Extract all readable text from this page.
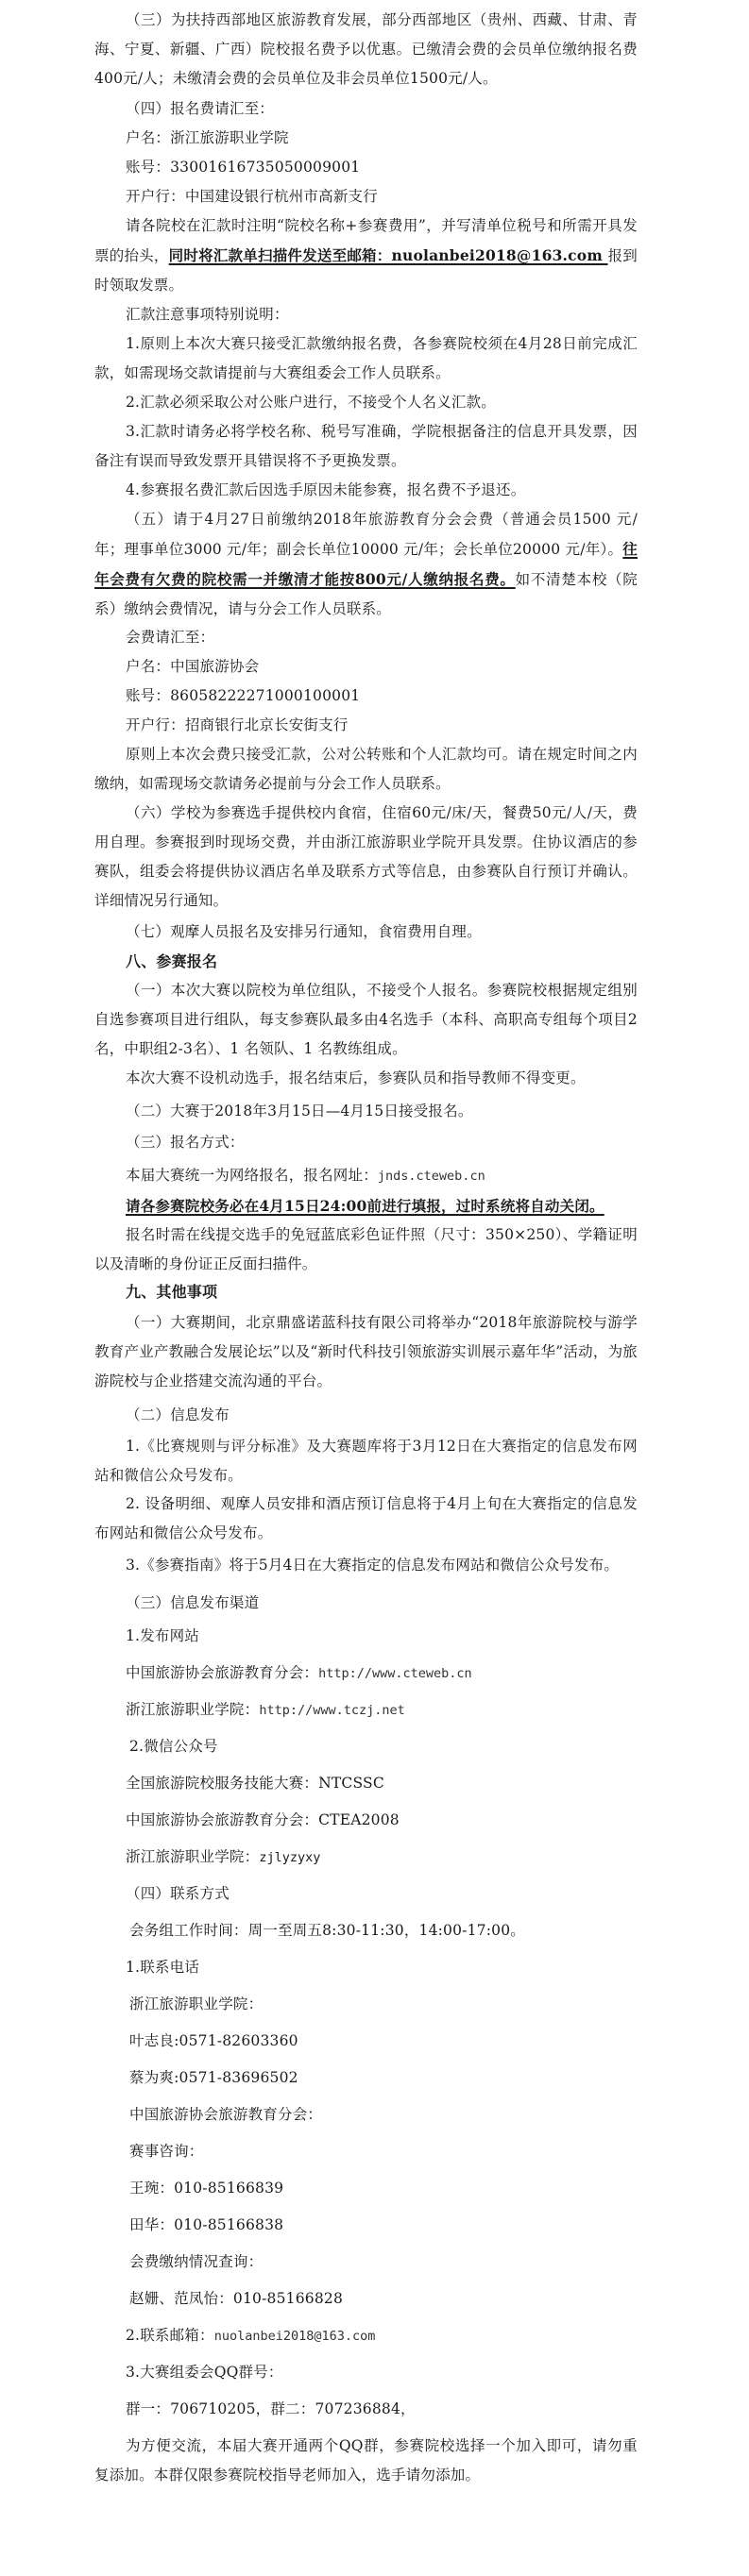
（三）为扶持西部地区旅游教育发展，部分西部地区（贵州、西藏、甘肃、青海、宁夏、新疆、广西）院校报名费予以优惠。已缴清会费的会员单位缴纳报名费400元/人；未缴清会费的会员单位及非会员单位1500元/人。
（四）报名费请汇至：
户名：浙江旅游职业学院
账号：33001616735050009001
开户行：中国建设银行杭州市高新支行
请各院校在汇款时注明“院校名称+参赛费用”，并写清单位税号和所需开具发票的抬头，同时将汇款单扫描件发送至邮箱：nuolanbei2018@163.com 报到时领取发票。
汇款注意事项特别说明：
1.原则上本次大赛只接受汇款缴纳报名费，各参赛院校须在4月28日前完成汇款，如需现场交款请提前与大赛组委会工作人员联系。
2.汇款必须采取公对公账户进行，不接受个人名义汇款。
3.汇款时请务必将学校名称、税号写准确，学院根据备注的信息开具发票，因备注有误而导致发票开具错误将不予更换发票。
4.参赛报名费汇款后因选手原因未能参赛，报名费不予退还。
（五）请于4月27日前缴纳2018年旅游教育分会会费（普通会员1500 元/年；理事单位3000 元/年；副会长单位10000 元/年；会长单位20000 元/年）。往年会费有欠费的院校需一并缴清才能按800元/人缴纳报名费。如不清楚本校（院系）缴纳会费情况，请与分会工作人员联系。
会费请汇至：
户名：中国旅游协会
账号：86058222271000100001
开户行：招商银行北京长安街支行
原则上本次会费只接受汇款，公对公转账和个人汇款均可。请在规定时间之内缴纳，如需现场交款请务必提前与分会工作人员联系。
（六）学校为参赛选手提供校内食宿，住宿60元/床/天，餐费50元/人/天，费用自理。参赛报到时现场交费，并由浙江旅游职业学院开具发票。住协议酒店的参赛队，组委会将提供协议酒店名单及联系方式等信息，由参赛队自行预订并确认。详细情况另行通知。
（七）观摩人员报名及安排另行通知，食宿费用自理。
八、参赛报名
（一）本次大赛以院校为单位组队，不接受个人报名。参赛院校根据规定组别自选参赛项目进行组队，每支参赛队最多由4名选手（本科、高职高专组每个项目2名，中职组2-3名）、1 名领队、1 名教练组成。
本次大赛不设机动选手，报名结束后，参赛队员和指导教师不得变更。
（二）大赛于2018年3月15日—4月15日接受报名。
（三）报名方式：
本届大赛统一为网络报名，报名网址：jnds.cteweb.cn
请各参赛院校务必在4月15日24:00前进行填报，过时系统将自动关闭。
报名时需在线提交选手的免冠蓝底彩色证件照（尺寸：350×250）、学籍证明以及清晰的身份证正反面扫描件。
九、其他事项
（一）大赛期间，北京鼎盛诺蓝科技有限公司将举办“2018年旅游院校与游学教育产业产教融合发展论坛”以及“新时代科技引领旅游实训展示嘉年华”活动，为旅游院校与企业搭建交流沟通的平台。
（二）信息发布
1.《比赛规则与评分标准》及大赛题库将于3月12日在大赛指定的信息发布网站和微信公众号发布。
2. 设备明细、观摩人员安排和酒店预订信息将于4月上旬在大赛指定的信息发布网站和微信公众号发布。
3.《参赛指南》将于5月4日在大赛指定的信息发布网站和微信公众号发布。
（三）信息发布渠道
1.发布网站
中国旅游协会旅游教育分会：http://www.cteweb.cn
浙江旅游职业学院：http://www.tczj.net
2.微信公众号
全国旅游院校服务技能大赛：NTCSSC
中国旅游协会旅游教育分会：CTEA2008
浙江旅游职业学院：zjlyzyxy
（四）联系方式
会务组工作时间：周一至周五8:30-11:30，14:00-17:00。
1.联系电话
浙江旅游职业学院：
叶志良:0571-82603360
蔡为爽:0571-83696502
中国旅游协会旅游教育分会：
赛事咨询：
王琬：010-85166839
田华：010-85166838
会费缴纳情况查询：
赵姗、范凤怡：010-85166828
2.联系邮箱：nuolanbei2018@163.com
3.大赛组委会QQ群号：
群一：706710205，群二：707236884，
为方便交流，本届大赛开通两个QQ群，参赛院校选择一个加入即可，请勿重复添加。本群仅限参赛院校指导老师加入，选手请勿添加。
